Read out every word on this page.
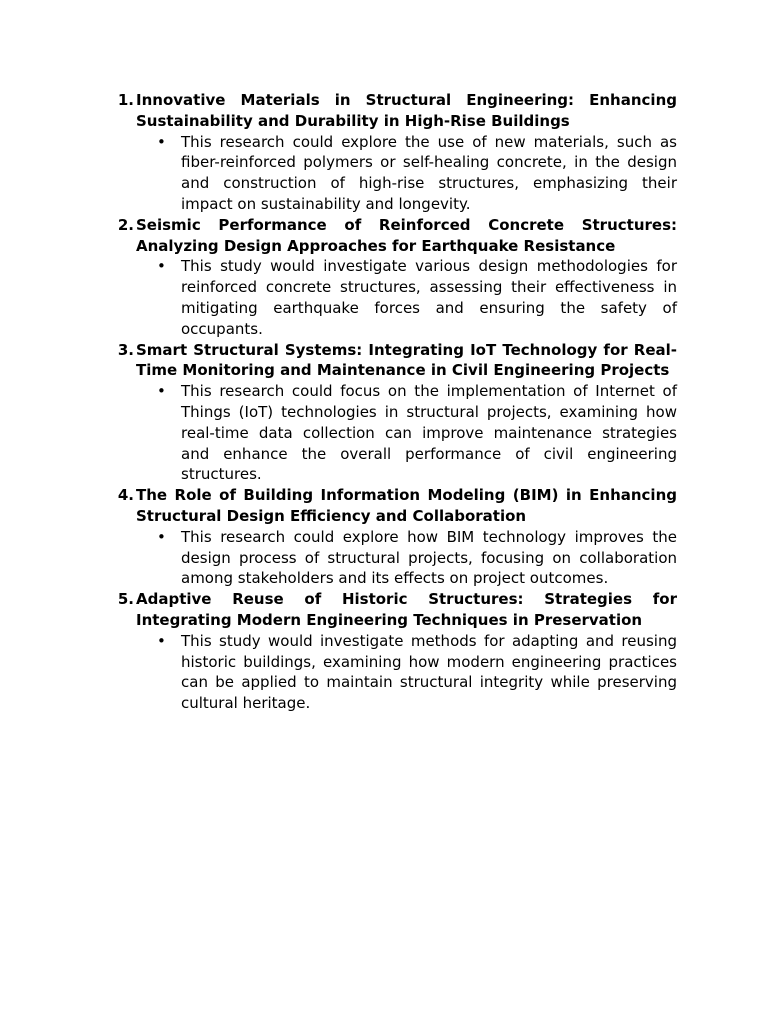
1. Innovative Materials in Structural Engineering: Enhancing Sustainability and Durability in High-Rise Buildings
• This research could explore the use of new materials, such as fiber-reinforced polymers or self-healing concrete, in the design and construction of high-rise structures, emphasizing their impact on sustainability and longevity.
2. Seismic Performance of Reinforced Concrete Structures: Analyzing Design Approaches for Earthquake Resistance
• This study would investigate various design methodologies for reinforced concrete structures, assessing their effectiveness in mitigating earthquake forces and ensuring the safety of occupants.
3. Smart Structural Systems: Integrating IoT Technology for Real-Time Monitoring and Maintenance in Civil Engineering Projects
• This research could focus on the implementation of Internet of Things (IoT) technologies in structural projects, examining how real-time data collection can improve maintenance strategies and enhance the overall performance of civil engineering structures.
4. The Role of Building Information Modeling (BIM) in Enhancing Structural Design Efficiency and Collaboration
• This research could explore how BIM technology improves the design process of structural projects, focusing on collaboration among stakeholders and its effects on project outcomes.
5. Adaptive Reuse of Historic Structures: Strategies for Integrating Modern Engineering Techniques in Preservation
• This study would investigate methods for adapting and reusing historic buildings, examining how modern engineering practices can be applied to maintain structural integrity while preserving cultural heritage.
